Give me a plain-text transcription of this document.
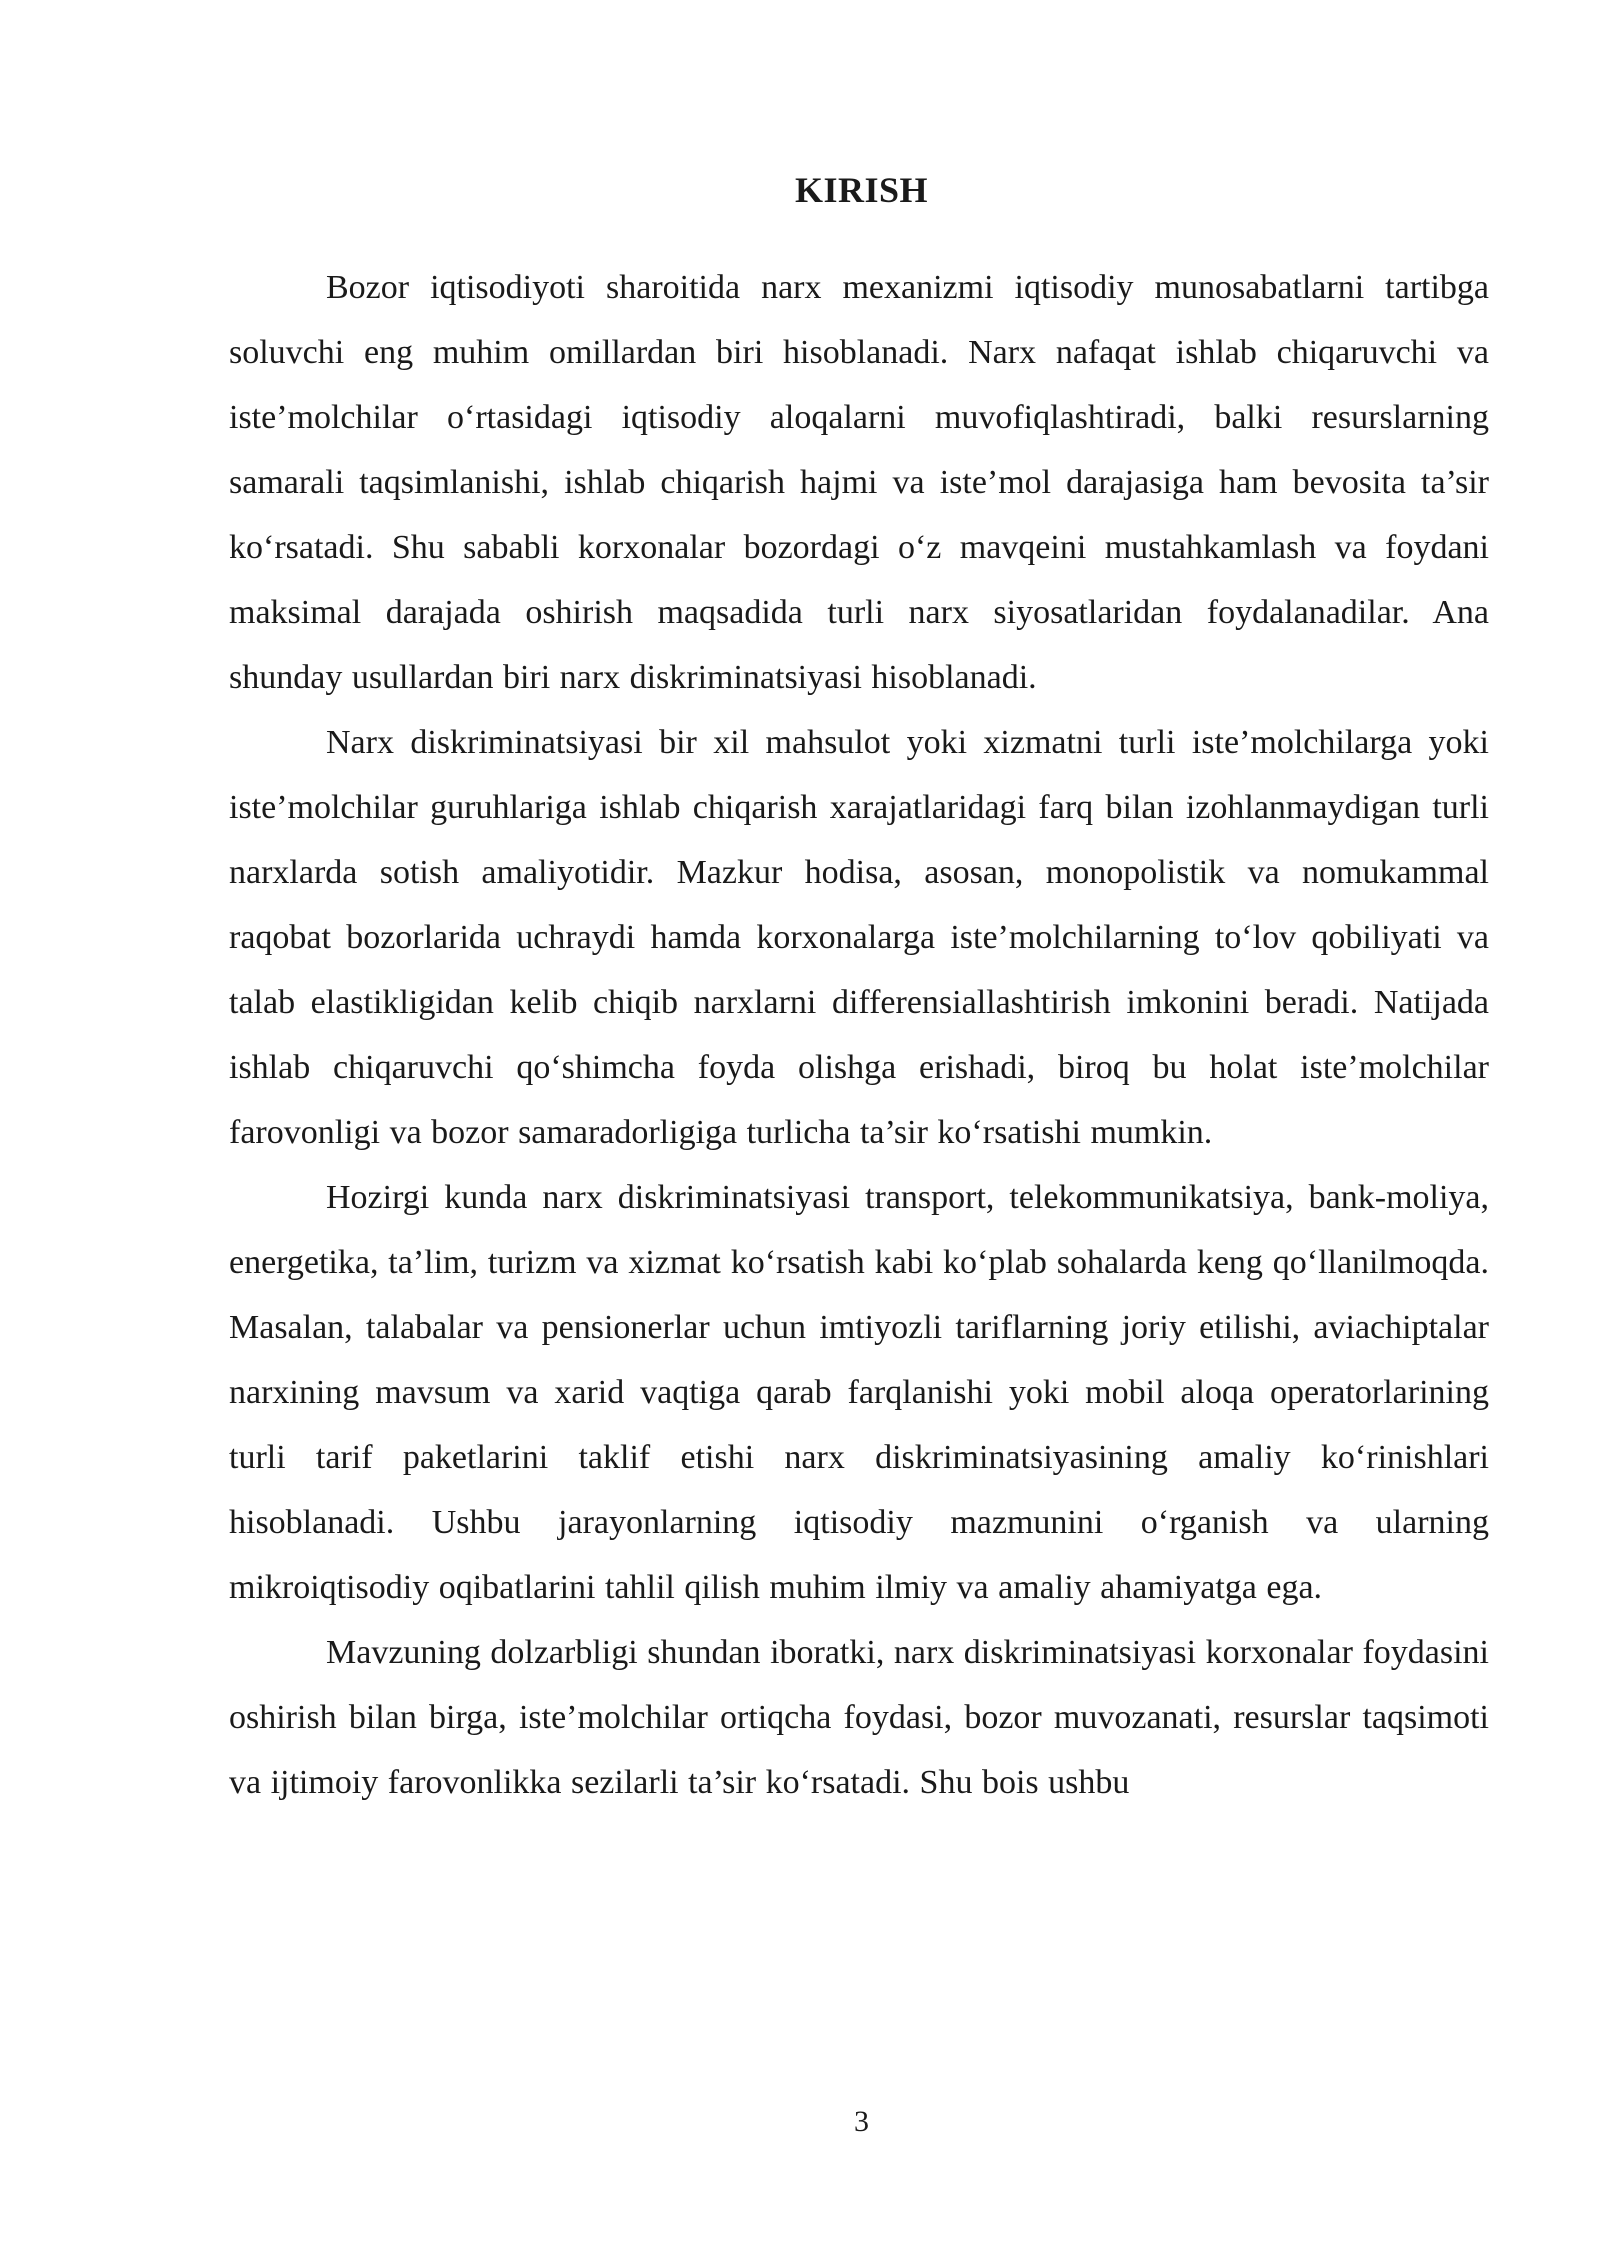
KIRISH

Bozor iqtisodiyoti sharoitida narx mexanizmi iqtisodiy munosabatlarni tartibga soluvchi eng muhim omillardan biri hisoblanadi. Narx nafaqat ishlab chiqaruvchi va iste’molchilar o‘rtasidagi iqtisodiy aloqalarni muvofiqlashtiradi, balki resurslarning samarali taqsimlanishi, ishlab chiqarish hajmi va iste’mol darajasiga ham bevosita ta’sir ko‘rsatadi. Shu sababli korxonalar bozordagi o‘z mavqeini mustahkamlash va foydani maksimal darajada oshirish maqsadida turli narx siyosatlaridan foydalanadilar. Ana shunday usullardan biri narx diskriminatsiyasi hisoblanadi.

Narx diskriminatsiyasi bir xil mahsulot yoki xizmatni turli iste’molchilarga yoki iste’molchilar guruhlariga ishlab chiqarish xarajatlaridagi farq bilan izohlanmaydigan turli narxlarda sotish amaliyotidir. Mazkur hodisa, asosan, monopolistik va nomukammal raqobat bozorlarida uchraydi hamda korxonalarga iste’molchilarning to‘lov qobiliyati va talab elastikligidan kelib chiqib narxlarni differensiallashtirish imkonini beradi. Natijada ishlab chiqaruvchi qo‘shimcha foyda olishga erishadi, biroq bu holat iste’molchilar farovonligi va bozor samaradorligiga turlicha ta’sir ko‘rsatishi mumkin.

Hozirgi kunda narx diskriminatsiyasi transport, telekommunikatsiya, bank-moliya, energetika, ta’lim, turizm va xizmat ko‘rsatish kabi ko‘plab sohalarda keng qo‘llanilmoqda. Masalan, talabalar va pensionerlar uchun imtiyozli tariflarning joriy etilishi, aviachiptalar narxining mavsum va xarid vaqtiga qarab farqlanishi yoki mobil aloqa operatorlarining turli tarif paketlarini taklif etishi narx diskriminatsiyasining amaliy ko‘rinishlari hisoblanadi. Ushbu jarayonlarning iqtisodiy mazmunini o‘rganish va ularning mikroiqtisodiy oqibatlarini tahlil qilish muhim ilmiy va amaliy ahamiyatga ega.

Mavzuning dolzarbligi shundan iboratki, narx diskriminatsiyasi korxonalar foydasini oshirish bilan birga, iste’molchilar ortiqcha foydasi, bozor muvozanati, resurslar taqsimoti va ijtimoiy farovonlikka sezilarli ta’sir ko‘rsatadi. Shu bois ushbu

3
